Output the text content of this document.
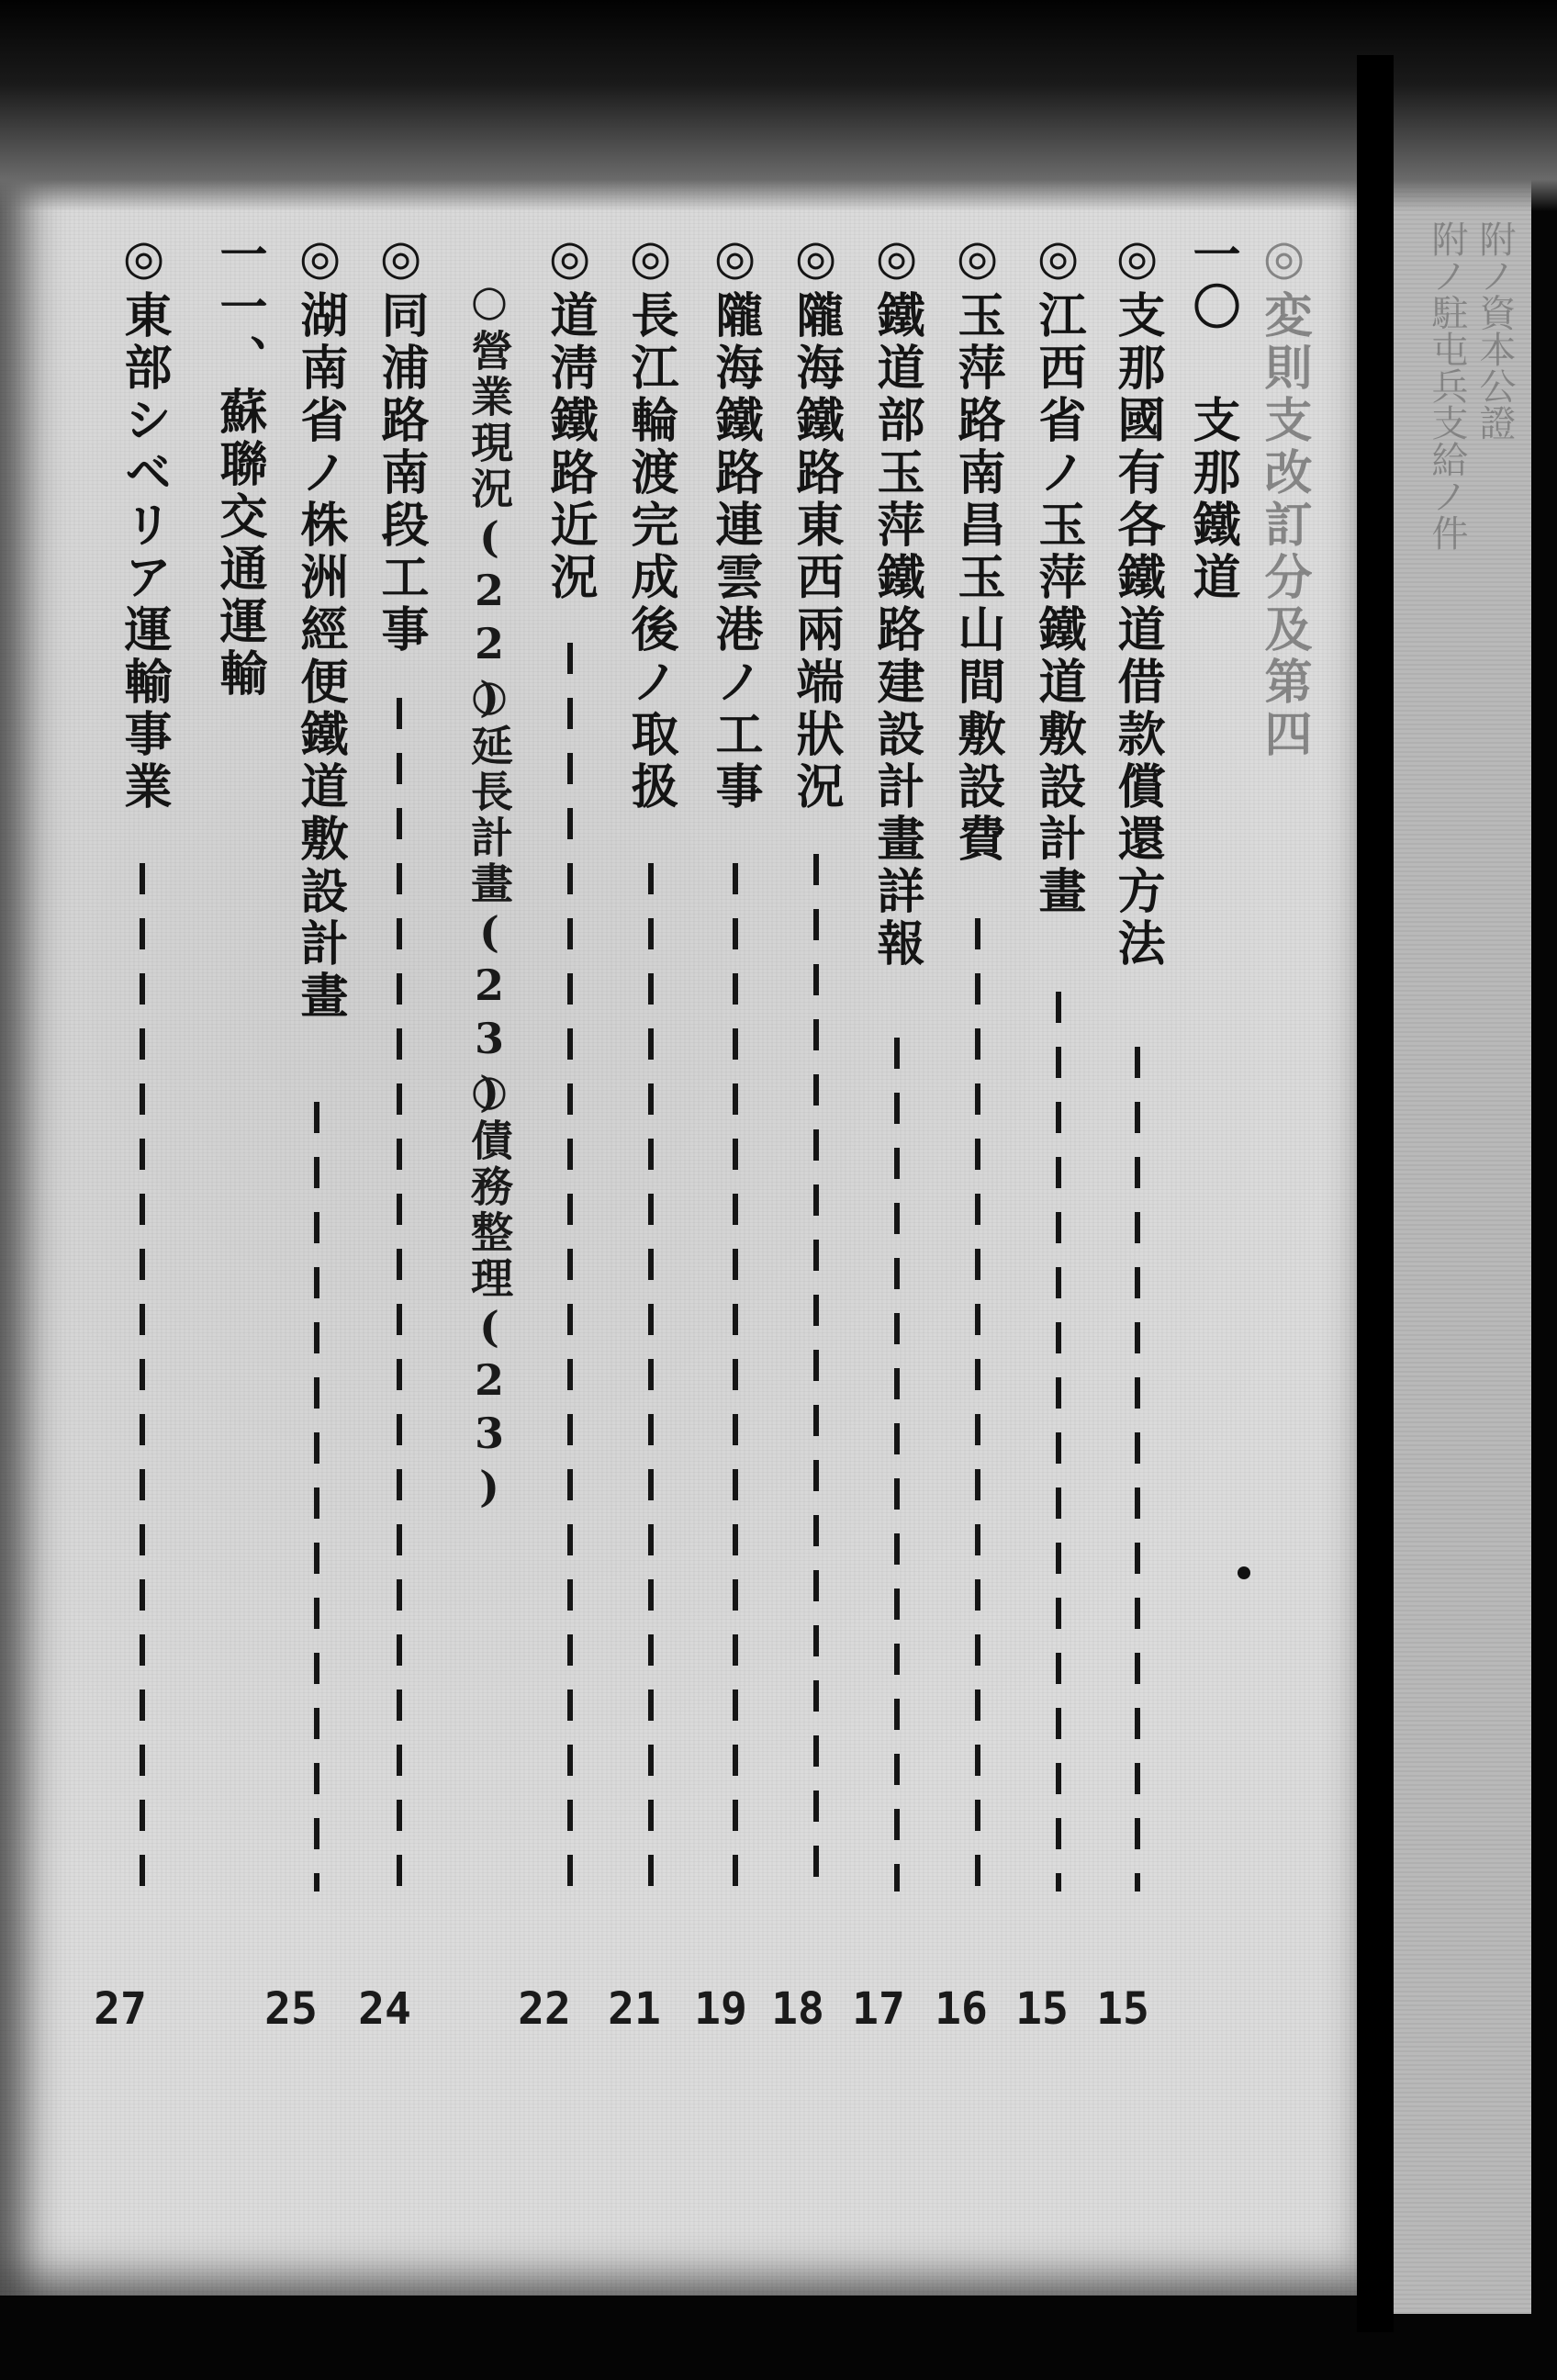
附ノ資本公證
附ノ駐屯兵支給ノ件
◎変則支改訂分及第四
一〇 支那鐵道
◎支那國有各鐵道借款償還方法
15
◎江西省ノ玉萍鐵道敷設計畫
15
◎玉萍路南昌玉山間敷設費
16
◎鐵道部玉萍鐵路建設計畫詳報
17
◎隴海鐵路東西兩端狀況
18
◎隴海鐵路連雲港ノ工事
19
◎長江輪渡完成後ノ取扱
21
◎道淸鐵路近況
22
○營業現況(22)
○延長計畫(23)
○債務整理(23)
◎同浦路南段工事
24
◎湖南省ノ株洲經便鐵道敷設計畫
25
一一、蘇聯交通運輸
◎東部シベリア運輸事業
27
